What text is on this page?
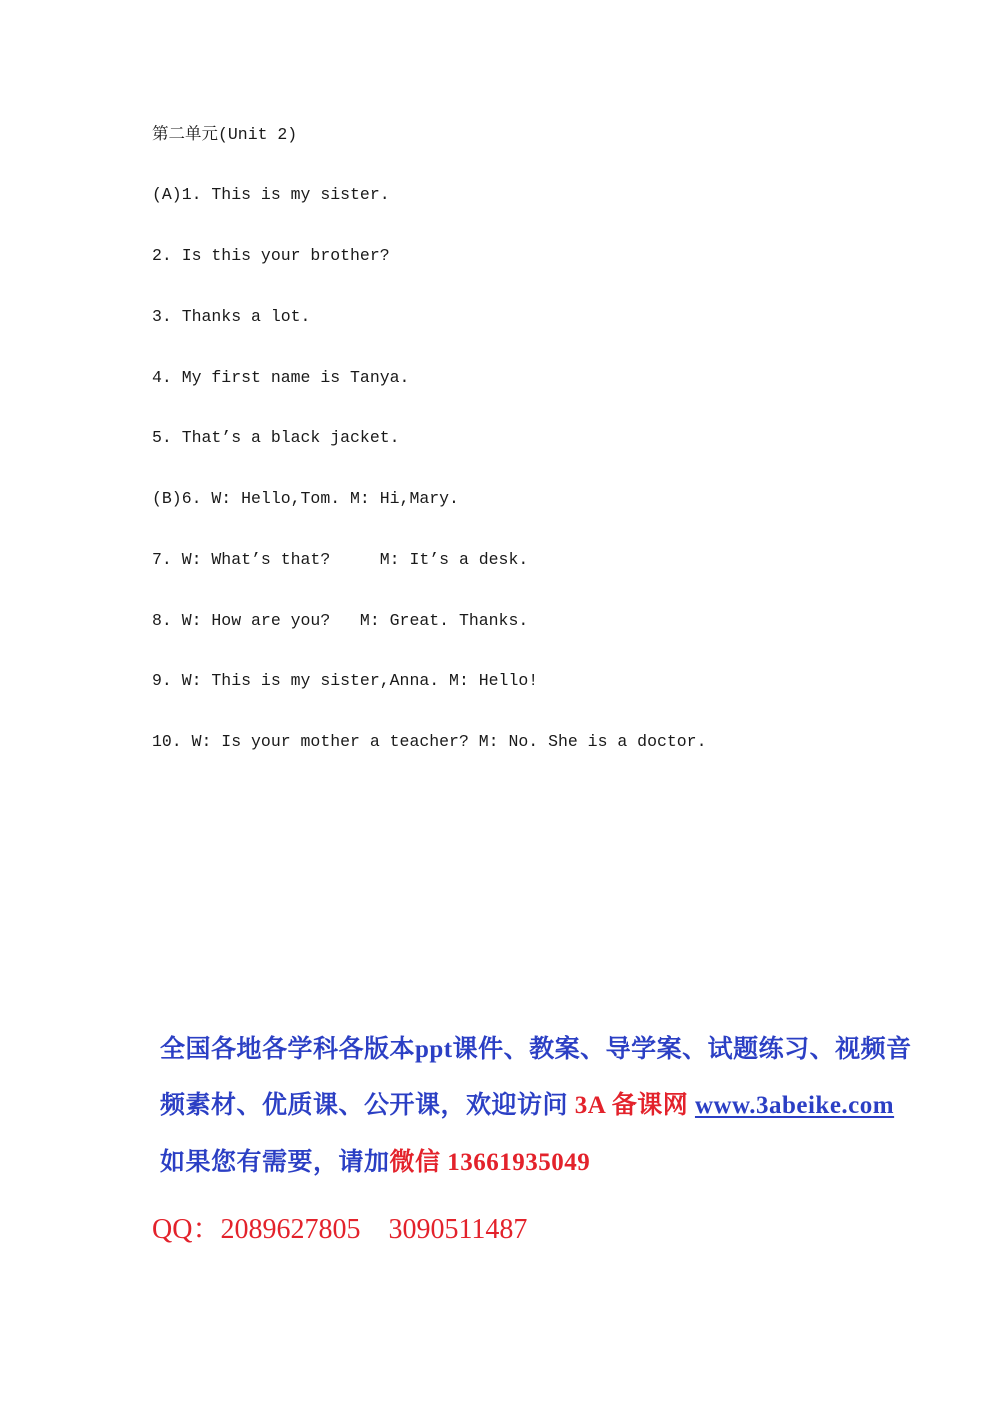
第二单元(Unit 2)
(A)1. This is my sister.
2. Is this your brother?
3. Thanks a lot.
4. My first name is Tanya.
5. That’s a black jacket.
(B)6. W: Hello,Tom. M: Hi,Mary.
7. W: What’s that?     M: It’s a desk.
8. W: How are you?   M: Great. Thanks.
9. W: This is my sister,Anna. M: Hello!
10. W: Is your mother a teacher? M: No. She is a doctor.
全国各地各学科各版本ppt课件、教案、导学案、试题练习、视频音
频素材、优质课、公开课，欢迎访问 3A 备课网 www.3abeike.com
如果您有需要，请加微信 13661935049
QQ：2089627805 3090511487
